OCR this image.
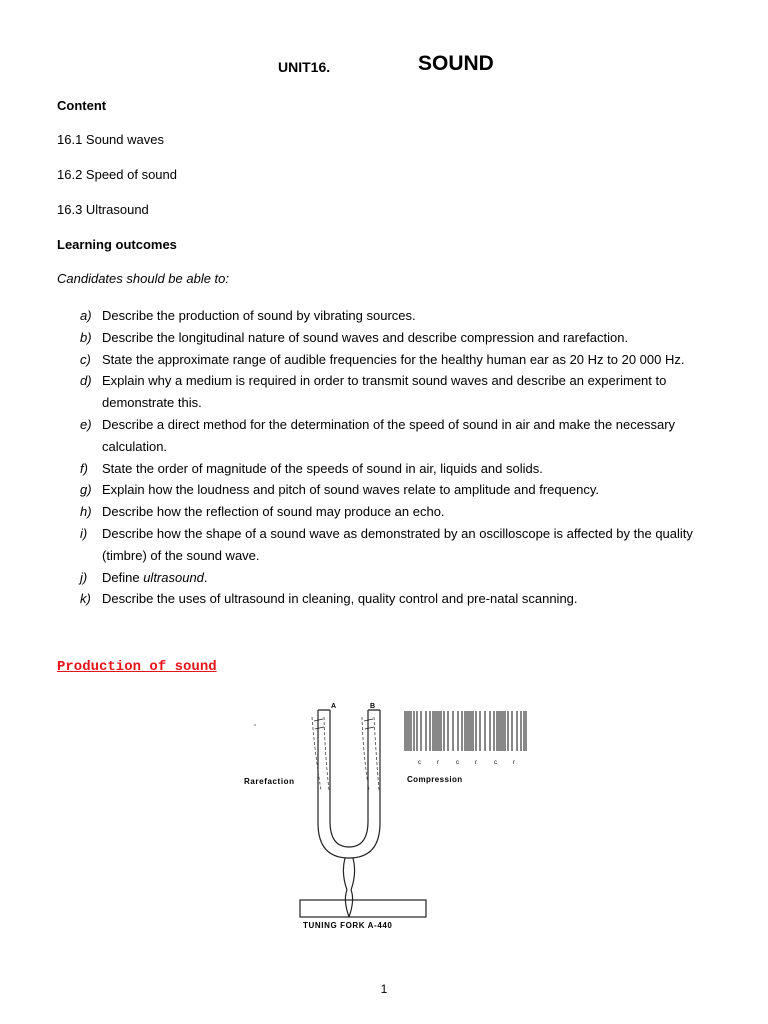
UNIT16.	SOUND
Content
16.1 Sound waves
16.2 Speed of sound
16.3 Ultrasound
Learning outcomes
Candidates should be able to:
a) Describe the production of sound by vibrating sources.
b) Describe the longitudinal nature of sound waves and describe compression and rarefaction.
c) State the approximate range of audible frequencies for the healthy human ear as 20 Hz to 20 000 Hz.
d) Explain why a medium is required in order to transmit sound waves and describe an experiment to demonstrate this.
e) Describe a direct method for the determination of the speed of sound in air and make the necessary calculation.
f)	State the order of magnitude of the speeds of sound in air, liquids and solids.
g) Explain how the loudness and pitch of sound waves relate to amplitude and frequency.
h) Describe how the reflection of sound may produce an echo.
i)	Describe how the shape of a sound wave as demonstrated by an oscilloscope is affected by the quality (timbre) of the sound wave.
j)	Define ultrasound.
k) Describe the uses of ultrasound in cleaning, quality control and pre-natal scanning.
Production of sound
A	B
Rarefaction	Compression
TUNING FORK A-440
c	r	c	r	c	r
1
